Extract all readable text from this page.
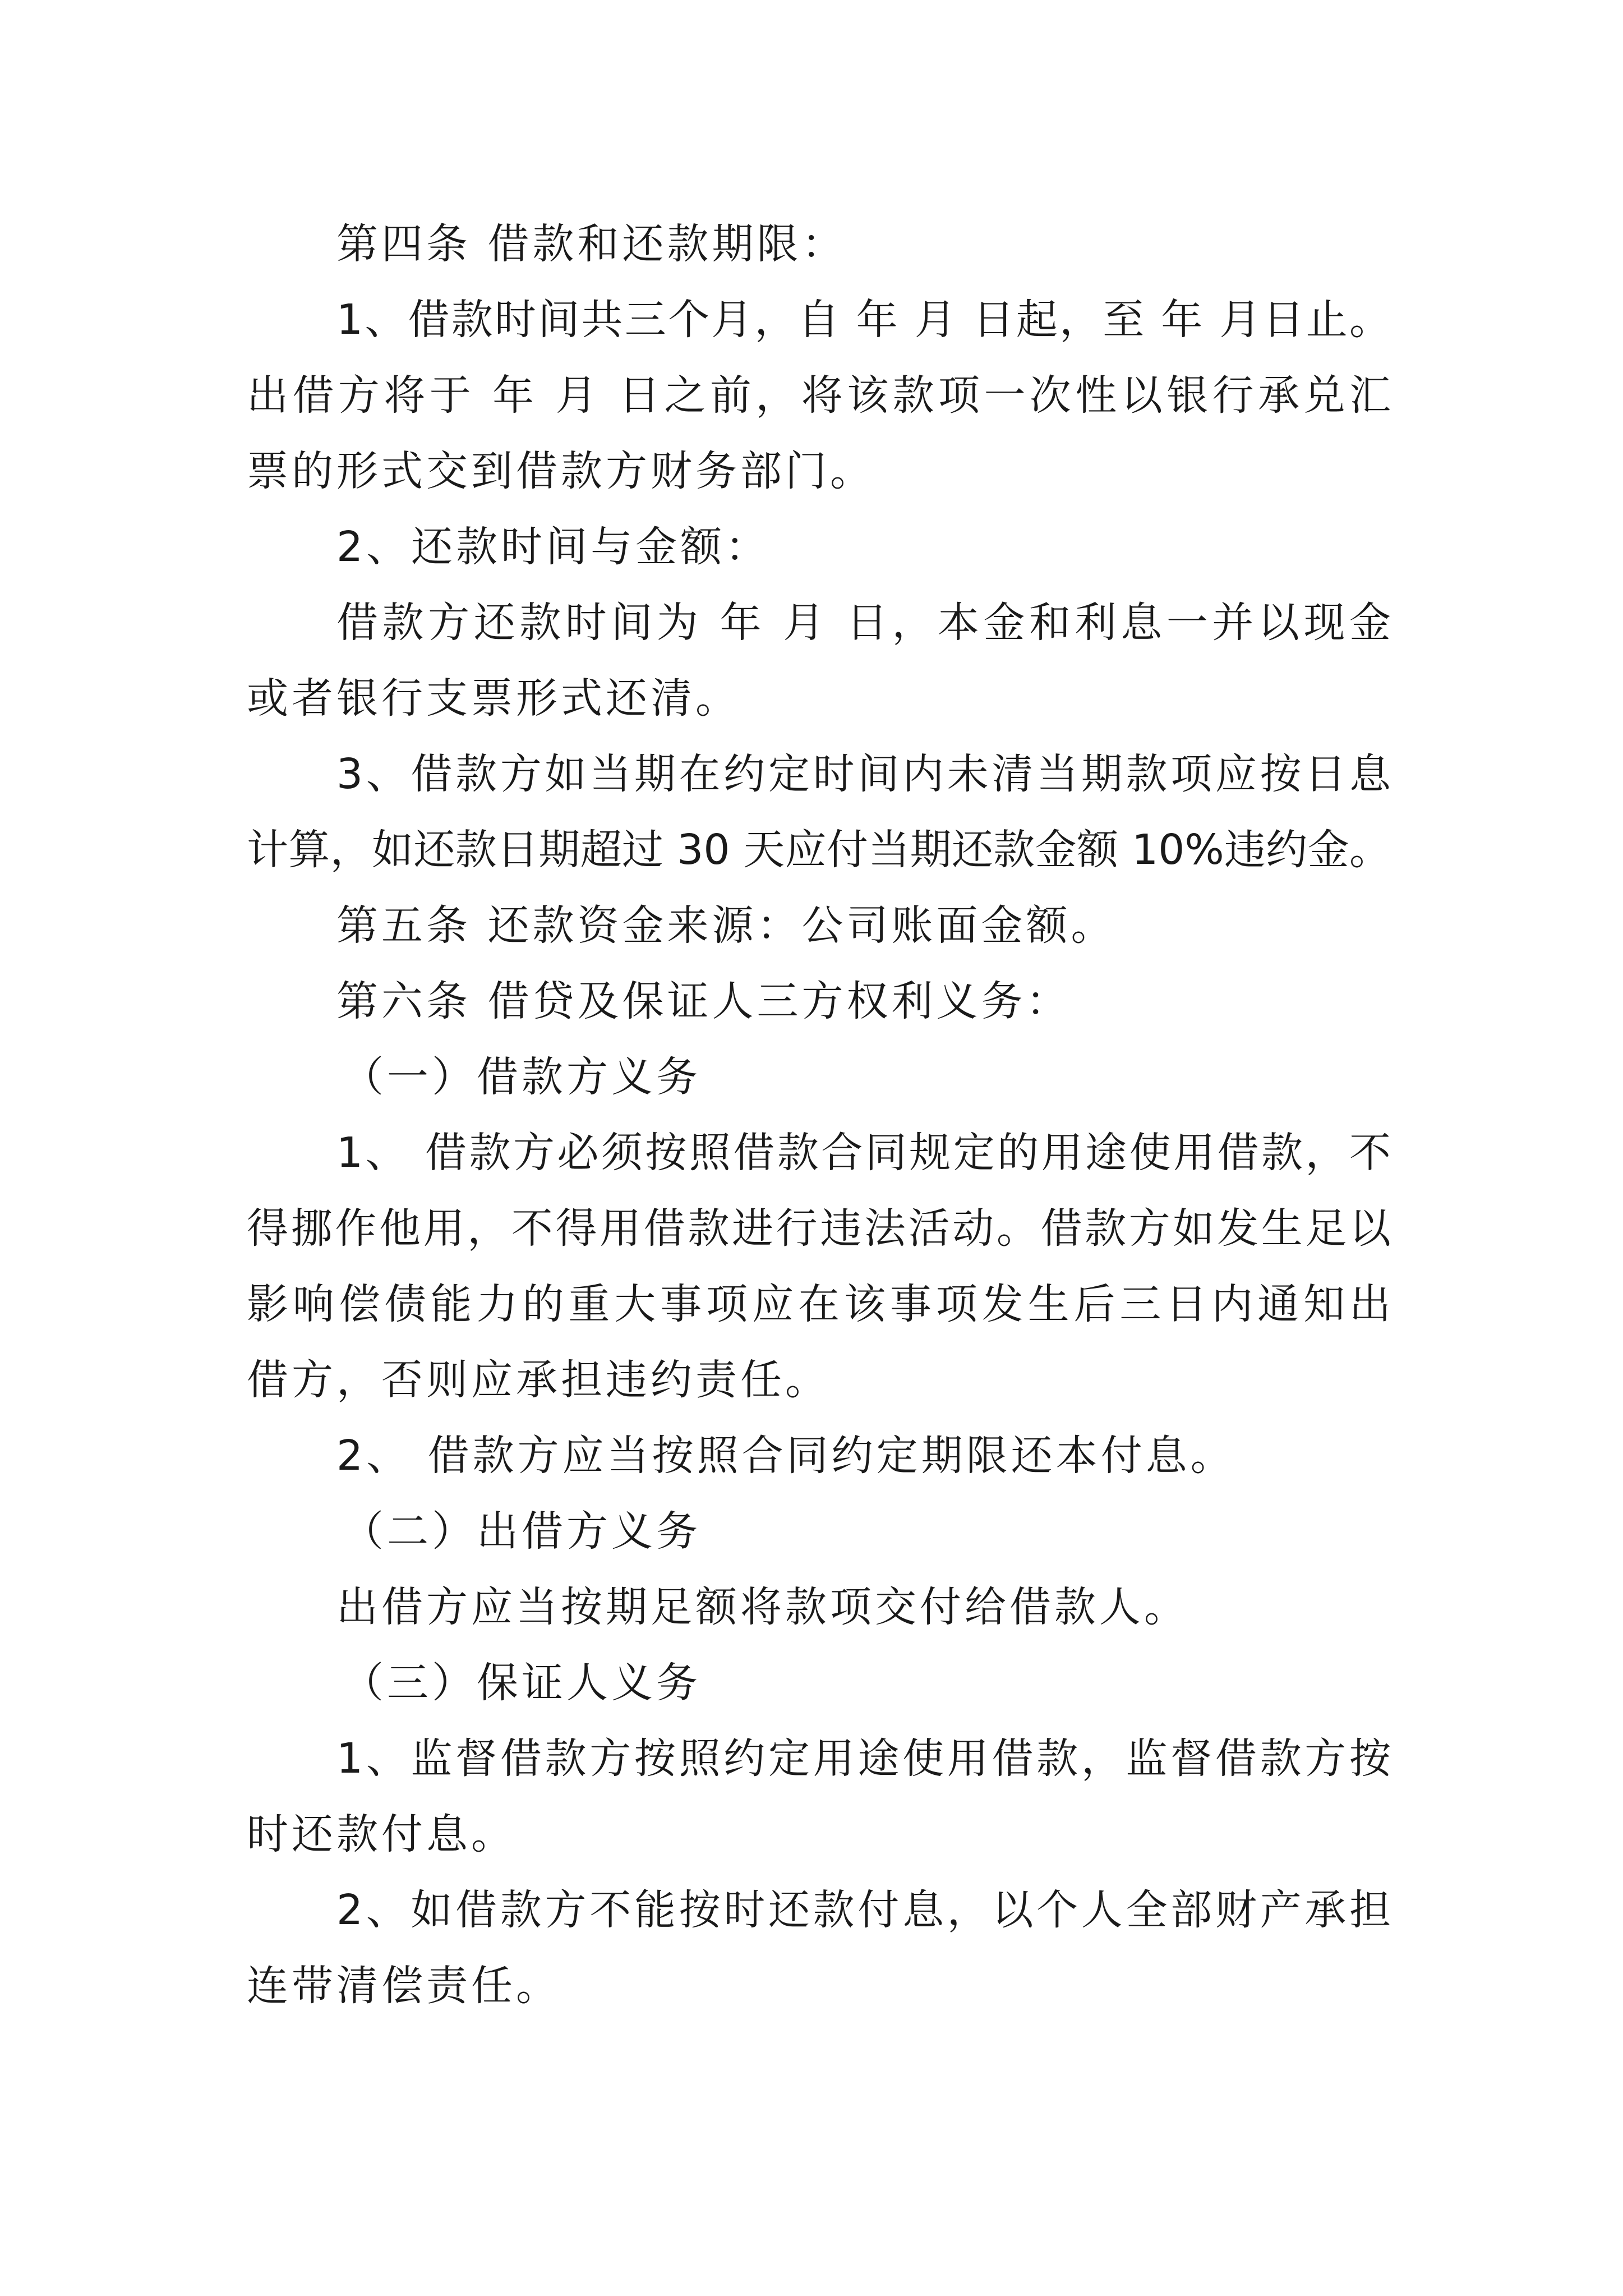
第四条 借款和还款期限：
1、借款时间共三个月，自 年 月 日起，至 年 月日止。
出借方将于 年 月 日之前，将该款项一次性以银行承兑汇
票的形式交到借款方财务部门。
2、还款时间与金额：
借款方还款时间为 年 月 日，本金和利息一并以现金
或者银行支票形式还清。
3、借款方如当期在约定时间内未清当期款项应按日息
计算，如还款日期超过 30 天应付当期还款金额 10%违约金。
第五条 还款资金来源：公司账面金额。
第六条 借贷及保证人三方权利义务：
（一）借款方义务
1、 借款方必须按照借款合同规定的用途使用借款，不
得挪作他用，不得用借款进行违法活动。借款方如发生足以
影响偿债能力的重大事项应在该事项发生后三日内通知出
借方，否则应承担违约责任。
2、 借款方应当按照合同约定期限还本付息。
（二）出借方义务
出借方应当按期足额将款项交付给借款人。
（三）保证人义务
1、监督借款方按照约定用途使用借款，监督借款方按
时还款付息。
2、如借款方不能按时还款付息，以个人全部财产承担
连带清偿责任。
